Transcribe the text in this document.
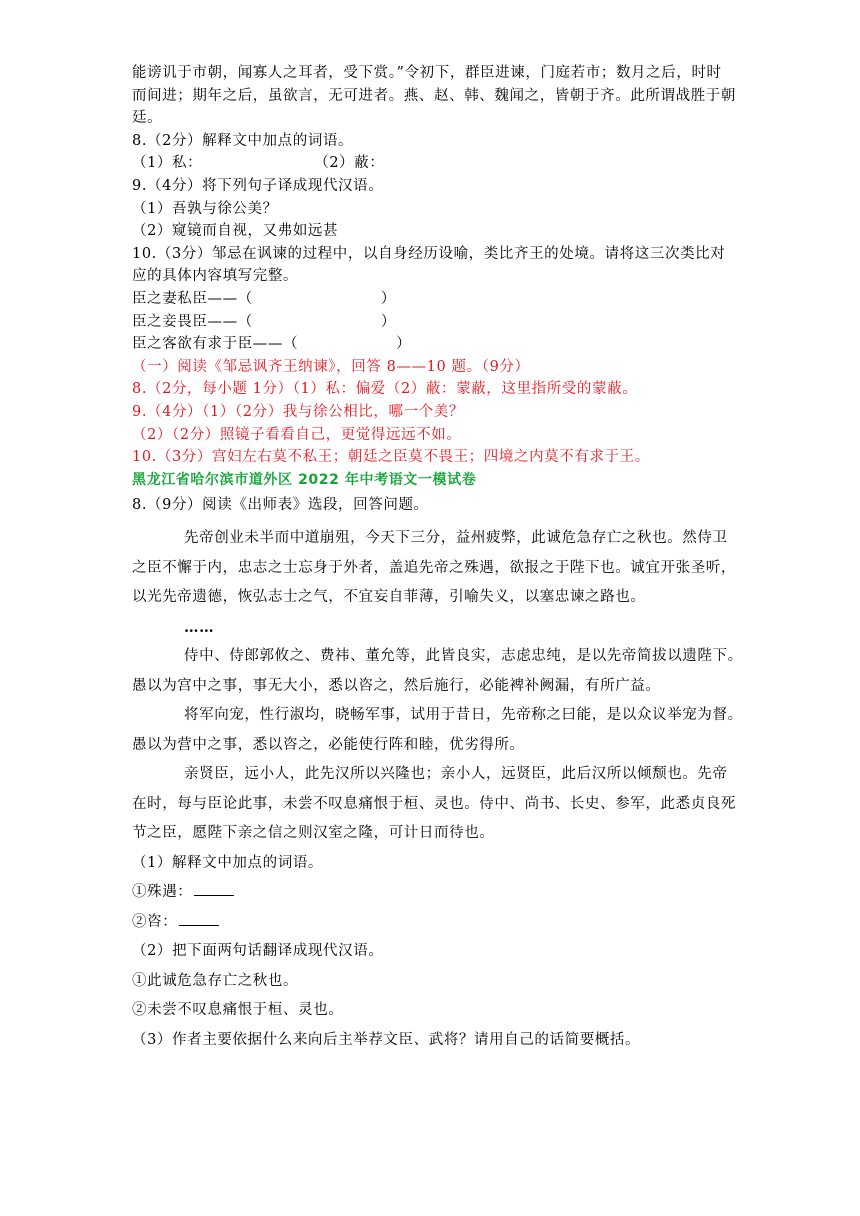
能谤讥于市朝，闻寡人之耳者，受下赏。”令初下，群臣进谏，门庭若市；数月之后，时时
而间进；期年之后，虽欲言，无可进者。燕、赵、韩、魏闻之，皆朝于齐。此所谓战胜于朝
廷。
8.（2分）解释文中加点的词语。
（1）私：	（2）蔽：
9.（4分）将下列句子译成现代汉语。
（1）吾孰与徐公美？
（2）窥镜而自视，又弗如远甚
10.（3分）邹忌在讽谏的过程中，以自身经历设喻，类比齐王的处境。请将这三次类比对
应的具体内容填写完整。
臣之妻私臣——（	）
臣之妾畏臣——（	）
臣之客欲有求于臣——（	）
（一）阅读《邹忌讽齐王纳谏》，回答 8——10 题。（9分）
8.（2分，每小题 1分）（1）私：偏爱（2）蔽：蒙蔽，这里指所受的蒙蔽。
9.（4分）（1）（2分）我与徐公相比，哪一个美？
（2）（2分）照镜子看看自己，更觉得远远不如。
10.（3分）宫妇左右莫不私王；朝廷之臣莫不畏王；四境之内莫不有求于王。
黑龙江省哈尔滨市道外区 2022 年中考语文一模试卷
8.（9分）阅读《出师表》选段，回答问题。
先帝创业未半而中道崩殂，今天下三分，益州疲弊，此诚危急存亡之秋也。然侍卫
之臣不懈于内，忠志之士忘身于外者，盖追先帝之殊遇，欲报之于陛下也。诚宜开张圣听，
以光先帝遗德，恢弘志士之气，不宜妄自菲薄，引喻失义，以塞忠谏之路也。
……
侍中、侍郎郭攸之、费祎、董允等，此皆良实，志虑忠纯，是以先帝简拔以遗陛下。
愚以为宫中之事，事无大小，悉以咨之，然后施行，必能裨补阙漏，有所广益。
将军向宠，性行淑均，晓畅军事，试用于昔日，先帝称之曰能，是以众议举宠为督。
愚以为营中之事，悉以咨之，必能使行阵和睦，优劣得所。
亲贤臣，远小人，此先汉所以兴隆也；亲小人，远贤臣，此后汉所以倾颓也。先帝
在时，每与臣论此事，未尝不叹息痛恨于桓、灵也。侍中、尚书、长史、参军，此悉贞良死
节之臣，愿陛下亲之信之则汉室之隆，可计日而待也。
（1）解释文中加点的词语。
①殊遇：
②咨：
（2）把下面两句话翻译成现代汉语。
①此诚危急存亡之秋也。
②未尝不叹息痛恨于桓、灵也。
（3）作者主要依据什么来向后主举荐文臣、武将？请用自己的话简要概括。
